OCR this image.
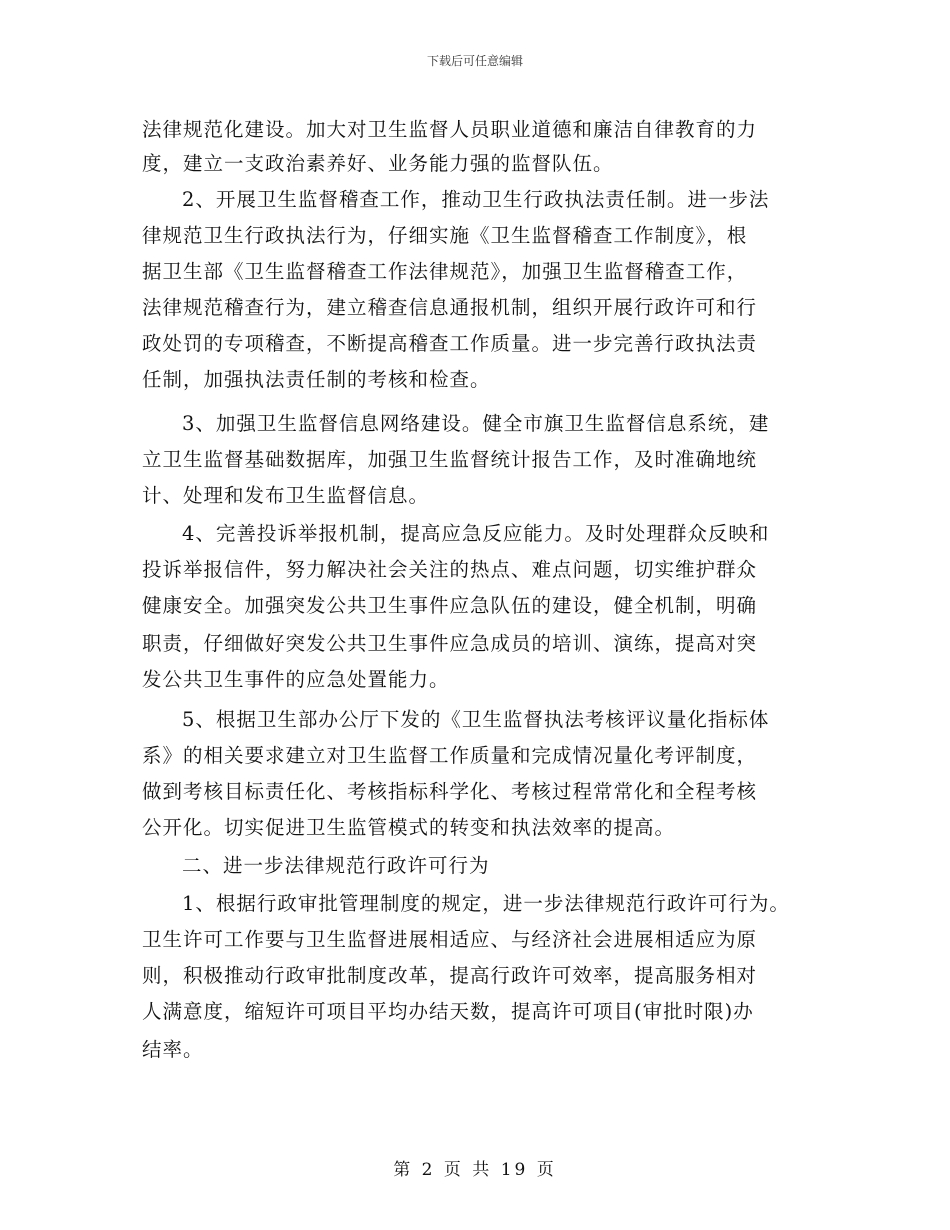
下载后可任意编辑
法律规范化建设。加大对卫生监督人员职业道德和廉洁自律教育的力
度，建立一支政治素养好、业务能力强的监督队伍。
2、开展卫生监督稽查工作，推动卫生行政执法责任制。进一步法
律规范卫生行政执法行为，仔细实施《卫生监督稽查工作制度》，根
据卫生部《卫生监督稽查工作法律规范》，加强卫生监督稽查工作，
法律规范稽查行为，建立稽查信息通报机制，组织开展行政许可和行
政处罚的专项稽查，不断提高稽查工作质量。进一步完善行政执法责
任制，加强执法责任制的考核和检查。
3、加强卫生监督信息网络建设。健全市旗卫生监督信息系统，建
立卫生监督基础数据库，加强卫生监督统计报告工作，及时准确地统
计、处理和发布卫生监督信息。
4、完善投诉举报机制，提高应急反应能力。及时处理群众反映和
投诉举报信件，努力解决社会关注的热点、难点问题，切实维护群众
健康安全。加强突发公共卫生事件应急队伍的建设，健全机制，明确
职责，仔细做好突发公共卫生事件应急成员的培训、演练，提高对突
发公共卫生事件的应急处置能力。
5、根据卫生部办公厅下发的《卫生监督执法考核评议量化指标体
系》的相关要求建立对卫生监督工作质量和完成情况量化考评制度，
做到考核目标责任化、考核指标科学化、考核过程常常化和全程考核
公开化。切实促进卫生监管模式的转变和执法效率的提高。
二、进一步法律规范行政许可行为
1、根据行政审批管理制度的规定，进一步法律规范行政许可行为。
卫生许可工作要与卫生监督进展相适应、与经济社会进展相适应为原
则，积极推动行政审批制度改革，提高行政许可效率，提高服务相对
人满意度，缩短许可项目平均办结天数，提高许可项目(审批时限)办
结率。
第 2 页 共 19 页
